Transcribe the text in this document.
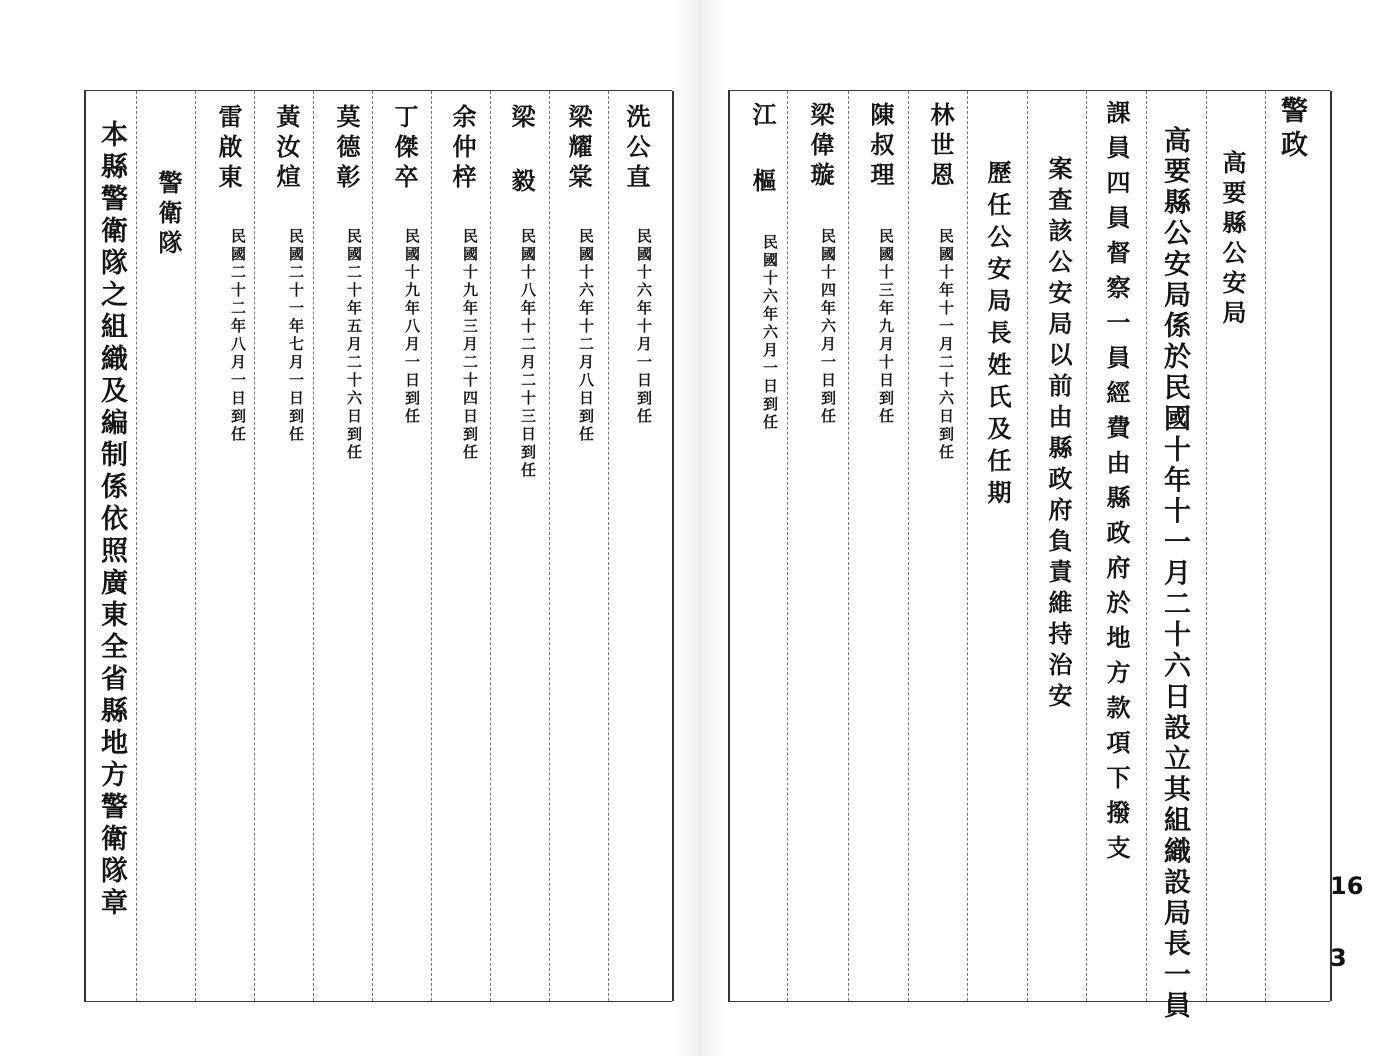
16
3
警政
高要縣公安局
高要縣公安局係於民國十年十一月二十六日設立其組織設局長一員
課員四員督察一員經費由縣政府於地方款項下撥支
案查該公安局以前由縣政府負責維持治安
歷任公安局長姓氏及任期
林世恩
民國十年十一月二十六日到任
陳叔理
民國十三年九月十日到任
梁偉璇
民國十四年六月一日到任
江樞
民國十六年六月一日到任
洗公直
民國十六年十月一日到任
梁耀棠
民國十六年十二月八日到任
梁毅
民國十八年十二月二十三日到任
余仲梓
民國十九年三月二十四日到任
丁傑卒
民國十九年八月一日到任
莫德彰
民國二十年五月二十六日到任
黃汝煊
民國二十一年七月一日到任
雷啟東
民國二十二年八月一日到任
警衛隊
本縣警衛隊之組織及編制係依照廣東全省縣地方警衛隊章
